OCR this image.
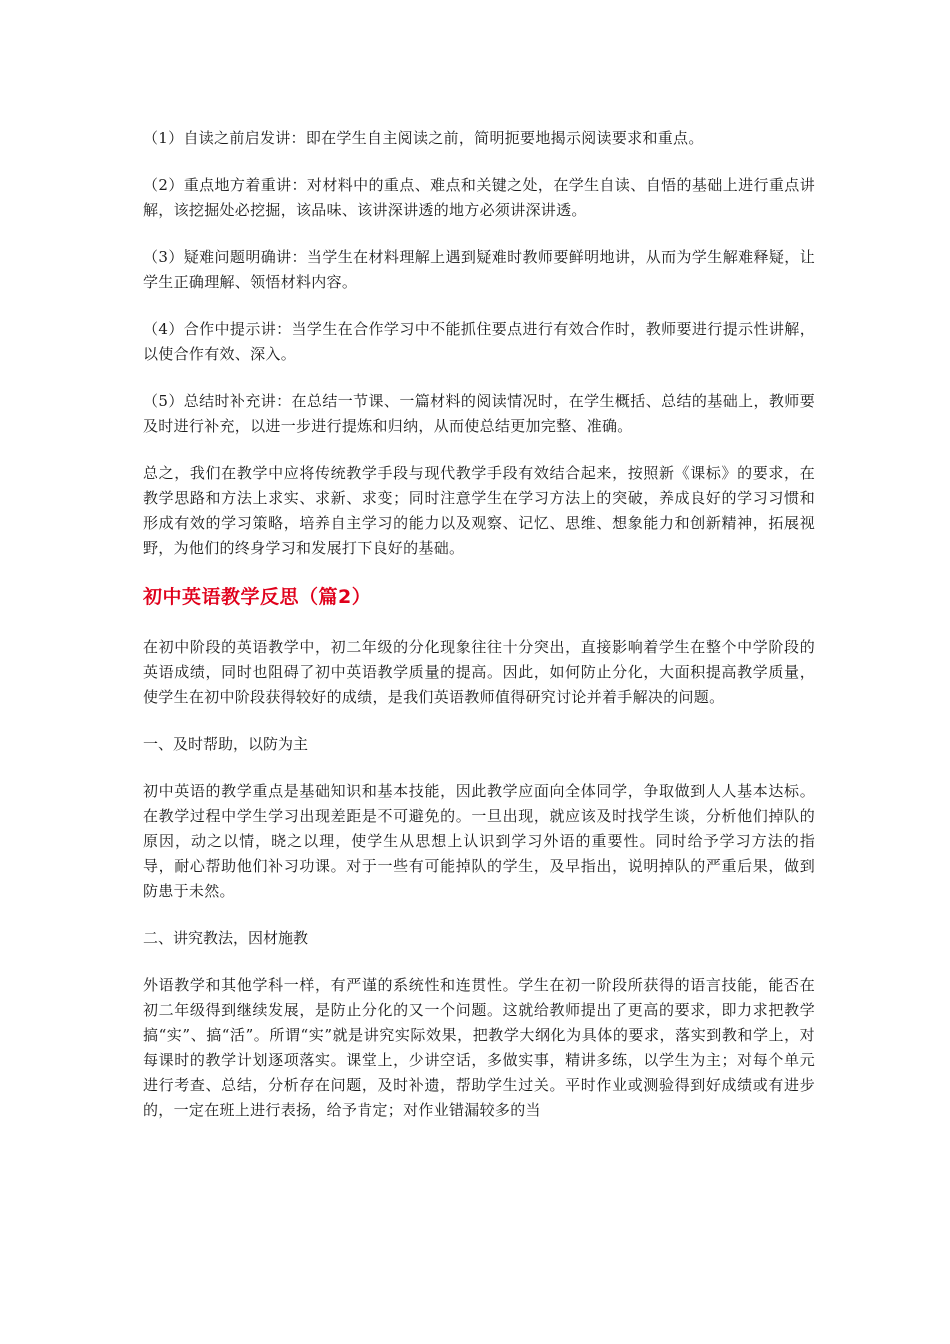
（1）自读之前启发讲：即在学生自主阅读之前，简明扼要地揭示阅读要求和重点。

（2）重点地方着重讲：对材料中的重点、难点和关键之处，在学生自读、自悟的基础上进行重点讲解，该挖掘处必挖掘，该品味、该讲深讲透的地方必须讲深讲透。

（3）疑难问题明确讲：当学生在材料理解上遇到疑难时教师要鲜明地讲，从而为学生解难释疑，让学生正确理解、领悟材料内容。

（4）合作中提示讲：当学生在合作学习中不能抓住要点进行有效合作时，教师要进行提示性讲解，以使合作有效、深入。

（5）总结时补充讲：在总结一节课、一篇材料的阅读情况时，在学生概括、总结的基础上，教师要及时进行补充，以进一步进行提炼和归纳，从而使总结更加完整、准确。

总之，我们在教学中应将传统教学手段与现代教学手段有效结合起来，按照新《课标》的要求，在教学思路和方法上求实、求新、求变；同时注意学生在学习方法上的突破，养成良好的学习习惯和形成有效的学习策略，培养自主学习的能力以及观察、记忆、思维、想象能力和创新精神，拓展视野，为他们的终身学习和发展打下良好的基础。

初中英语教学反思（篇2）

在初中阶段的英语教学中，初二年级的分化现象往往十分突出，直接影响着学生在整个中学阶段的英语成绩，同时也阻碍了初中英语教学质量的提高。因此，如何防止分化，大面积提高教学质量，使学生在初中阶段获得较好的成绩，是我们英语教师值得研究讨论并着手解决的问题。

一、及时帮助，以防为主

初中英语的教学重点是基础知识和基本技能，因此教学应面向全体同学，争取做到人人基本达标。在教学过程中学生学习出现差距是不可避免的。一旦出现，就应该及时找学生谈，分析他们掉队的原因，动之以情，晓之以理，使学生从思想上认识到学习外语的重要性。同时给予学习方法的指导，耐心帮助他们补习功课。对于一些有可能掉队的学生，及早指出，说明掉队的严重后果，做到防患于未然。

二、讲究教法，因材施教

外语教学和其他学科一样，有严谨的系统性和连贯性。学生在初一阶段所获得的语言技能，能否在初二年级得到继续发展，是防止分化的又一个问题。这就给教师提出了更高的要求，即力求把教学搞“实”、搞“活”。所谓“实”就是讲究实际效果，把教学大纲化为具体的要求，落实到教和学上，对每课时的教学计划逐项落实。课堂上，少讲空话，多做实事，精讲多练，以学生为主；对每个单元进行考查、总结，分析存在问题，及时补遗，帮助学生过关。平时作业或测验得到好成绩或有进步的，一定在班上进行表扬，给予肯定；对作业错漏较多的当
